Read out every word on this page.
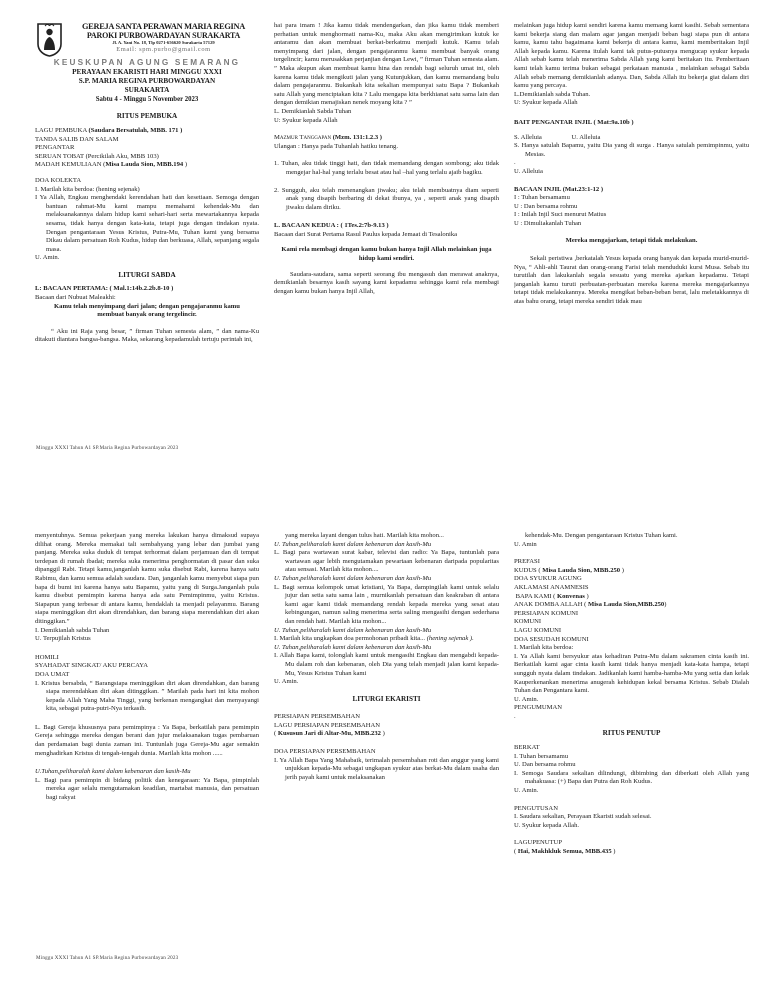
GEREJA SANTA PERAWAN MARIA REGINA
PAROKI PURBOWARDAYAN SURAKARTA
Jl. A. Yani No. 18, Tlp 0271-656620 Surakarta 57129
Email: spm.purbo@gmail.com
KEUSKUPAN AGUNG SEMARANG
PERAYAAN EKARISTI HARI MINGGU XXXI
S.P. MARIA REGINA PURBOWARDAYAN
SURAKARTA
Sabtu 4 - Minggu 5 November 2023
RITUS PEMBUKA
LAGU PEMBUKA (Saudara Bersatulah, MBB. 171 )
TANDA SALIB DAN SALAM
PENGANTAR
SERUAN TOBAT (Percikilah Aku, MBB 103)
MADAH KEMULIAAN (Misa Lauda Sion, MBB.194 )
DOA KOLEKTA
I. Marilah kita berdoa: (hening sejenak)
I Ya Allah, Engkau menghendaki kerendahan hati dan kesetiaan. Semoga dengan bantuan rahmat-Mu kami mampu memahami kehendak-Mu dan melaksanakannya dalam hidup kami sehari-hari serta mewartakannya kepada sesama, tidak hanya dengan kata-kata, tetapi juga dengan tindakan nyata. Dengan pengantaraan Yesus Kristus, Putra-Mu, Tuhan kami yang bersama Dikau dalam persatuan Roh Kudus, hidup dan berkuasa, Allah, sepanjang segala masa.
U. Amin.
LITURGI SABDA
L: BACAAN PERTAMA: ( Mal.1:14b.2.2b.8-10 )
Bacaan dari Nubuat Maleakhi:
Kamu telah menyimpang dari jalan; dengan pengajaranmu kamu membuat banyak orang tergelincir.
“ Aku ini Raja yang besar, ” firman Tuhan semesta alam, ” dan nama-Ku ditakuti diantara bangsa-bangsa. Maka, sekarang kepadamulah tertuju perintah ini,
hai para imam ! Jika kamu tidak mendengarkan, dan jika kamu tidak memberi perhatian untuk menghormati nama-Ku, maka Aku akan mengirimkan kutuk ke antaramu dan akan membuat berkat-berkatmu menjadi kutuk. Kamu telah menyimpang dari jalan, dengan pengajaranmu kamu membuat banyak orang tergelincir; kamu merusakkan perjanjian dengan Lewi, ” firman Tuhan semesta alam. ” Maka akupun akan membuat kamu hina dan rendah bagi seluruh umat ini, oleh karena kamu tidak mengikuti jalan yang Kutunjukkan, dan kamu memandang bulu dalam pengajaranmu. Bukankah kita sekalian mempunyai satu Bapa ? Bukankah satu Allah yang menciptakan kita ? Lalu mengapa kita berkhianat satu sama lain dan dengan demikian menajiskan nenek moyang kita ? ”
L. Demikianlah Sabda Tuhan
U: Syukur kepada Allah
Mazmur Tanggapan (Mzm. 131:1.2.3 )
Ulangan : Hanya pada Tuhanlah hatiku tenang.
1. Tuhan, aku tidak tinggi hati, dan tidak memandang dengan sombong; aku tidak mengejar hal-hal yang terlalu besat atau hal –hal yang terlalu ajaib bagiku.
2. Sungguh, aku telah menenangkan jiwaku; aku telah membuatnya diam seperti anak yang disapih berbaring di dekat ibunya, ya , seperti anak yang disapih jiwaku dalam diriku.
L. BACAAN KEDUA : ( 1Tes.2:7b-9.13 )
Bacaan dari Surat Pertama Rasul Paulus kepada Jemaat di Tesalonika
Kami rela membagi dengan kamu bukan hanya Injil Allah melainkan juga hidup kami sendiri.
Saudara-saudara, sama seperti seorang ibu mengasuh dan merawat anaknya, demikianlah besarnya kasih sayang kami kepadamu sehingga kami rela membagi dengan kamu bukan hanya Injil Allah,
melainkan juga hidup kami sendiri karena kamu memang kami kasihi. Sebab sementara kami bekerja siang dan malam agar jangan menjadi beban bagi siapa pun di antara kamu, kamu tahu bagaimana kami bekerja di antara kamu, kami memberitakan Injil Allah kepada kamu. Karena itulah kami tak putus-putusnya mengucap syukur kepada Allah sebab kamu telah menerima Sabda Allah yang kami beritakan itu. Pemberitaan kami telah kamu terima bukan sebagai perkataan manusia , melainkan sebagai Sabda Allah sebab memang demikianlah adanya. Dan, Sabda Allah itu bekerja giat dalam diri kamu yang percaya.
L.Demikianlah sabda Tuhan.
U: Syukur kepada Allah
BAIT PENGANTAR INJIL ( Mat:9a.10b )
S. Alleluia                  U. Alleluia
S. Hanya satulah Bapamu, yaitu Dia yang di surga . Hanya satulah pemimpinmu, yaitu Mesias.
.
U. Alleluia
BACAAN INJIL (Mat.23:1-12 )
I : Tuhan bersamamu
U : Dan bersama rohmu
I : Inilah Injil Suci menurut Matius
U : Dimuliakanlah Tuhan
Mereka mengajarkan, tetapi tidak melakukan.
Sekali peristiwa ,berkatalah Yesus kepada orang banyak dan kepada murid-murid-Nya, “ Ahli-ahli Taurat dan orang-orang Farisi telah menduduki kursi Musa. Sebab itu turutilah dan lakukanlah segala sesuatu yang mereka ajarkan kepadamu. Tetapi janganlah kamu turuti perbuatan-perbuatan mereka karena mereka mengajarkannya tetapi tidak melakukannya. Mereka mengikat beban-beban berat, lalu meletakkannya di atas bahu orang, tetapi mereka sendiri tidak mau
Minggu XXXI Tahun A1 SP.Maria Regina Purbowardayan 2023
menyentuhnya. Semua pekerjaan yang mereka lakukan hanya dimaksud supaya dilihat orang. Mereka memakai tali sembahyang yang lebar dan jumbai yang panjang. Mereka suka duduk di tempat terhormat dalam perjamuan dan di tempat terdepan di rumah ibadat; mereka suka menerima penghormatan di pasar dan suka dipanggil Rabi. Tetapi kamu,janganlah kamu suka disebut Rabi, karena hanya satu Rabimu, dan kamu semua adalah saudara. Dan, janganlah kamu menyebut siapa pun bapa di bumi ini karena hanya satu Bapamu, yaitu yang di Surga.Janganlah pula kamu disebut pemimpin karena hanya ada satu Pemimpinmu, yaitu Kristus. Siapapun yang terbesar di antara kamu, hendaklah ia menjadi pelayanmu. Barang siapa meninggikan diri akan direndahkan, dan barang siapa merendahkan diri akan ditinggikan.”
I. Demikianlah sabda Tuhan
U. Terpujilah Kristus
HOMILI
SYAHADAT SINGKAT/ AKU PERCAYA
DOA UMAT
I. Kristus bersabda, “ Barangsiapa meninggikan diri akan direndahkan, dan barang siapa merendahkan diri akan ditinggikan. ” Marilah pada hari ini kita mohon kepada Allah Yang Maha Tinggi, yang berkenan mengangkat dan menyayangi kita, sebagai putra-putri-Nya terkasih.
L. Bagi Gereja khususnya para pemimpinya : Ya Bapa, berkatilah para pemimpin Gereja sehingga mereka dengan berani dan jujur melaksanakan tugas pembaruan dan perdamaian bagi dunia zaman ini. Tuntunlah juga Gereja-Mu agar semakin menghadirkan Kristus di tengah-tengah dunia. Marilah kita mohon ......
U.Tuhan,peliharalah kami dalam kebenaran dan kasih-Mu
L. Bagi para pemimpin di bidang politik dan kenegaraan: Ya Bapa, pimpinlah mereka agar selalu mengutamakan keadilan, martabat manusia, dan persatuan bagi rakyat
yang mereka layani dengan tulus hati. Marilah kita mohon...
U. Tuhan,peliharalah kami dalam kebenaran dan kasih-Mu
L. Bagi para wartawan surat kabar, televisi dan radio: Ya Bapa, tuntunlah para wartawan agar lebih mengutamakan pewartaan kebenaran daripada popularitas atau sensasi. Marilah kita mohon....
U. Tuhan,peliharalah kami dalam kebenaran dan kasih-Mu
L. Bagi semua kelompok umat kristiani, Ya Bapa, dampingilah kami untuk selalu jujur dan setia satu sama lain , murnikanlah persatuan dan keakraban di antara kami agar kami tidak memandang rendah kepada mereka yang sesat atau kebingungan, namun saling menerima serta saling mengasihi dengan sederhana dan rendah hati. Marilah kita mohon...
U. Tuhan,peliharalah kami dalam kebenaran dan kasih-Mu
I. Marilah kita ungkapkan doa permohonan pribadi kita... (hening sejenak ).
U. Tuhan,peliharalah kami dalam kebenaran dan kasih-Mu
I. Allah Bapa kami, tolonglah kami untuk mengasihi Engkau dan mengabdi kepada-Mu dalam roh dan kebenaran, oleh Dia yang telah menjadi jalan kami kepada-Mu, Yesus Kristus Tuhan kami
U. Amin.
LITURGI EKARISTI
PERSIAPAN PERSEMBAHAN
LAGU PERSIAPAN PERSEMBAHAN
( Kususun Jari di Altar-Mu, MBB.232 )
DOA PERSIAPAN PERSEMBAHAN
I. Ya Allah Bapa Yang Mahabaik, terimalah persembahan roti dan anggur yang kami unjukkan kepada-Mu sebagai ungkapan syukur atas berkat-Mu dalam usaha dan jerih payah kami untuk melaksanakan
kehendak-Mu. Dengan pengantaraan Kristus Tuhan kami.
U. Amin
PREFASI
KUDUS ( Misa Lauda Sion, MBB.250 )
DOA SYUKUR AGUNG
AKLAMASI ANAMNESIS
BAPA KAMI ( Konvenas )
ANAK DOMBA ALLAH ( Misa Lauda Sion,MBB.250)
PERSIAPAN KOMUNI
KOMUNI
LAGU KOMUNI
DOA SESUDAH KOMUNI
I. Marilah kita berdoa:
I. Ya Allah kami bersyukur atas kehadiran Putra-Mu dalam sakramen cinta kasih ini. Berkatilah kami agar cinta kasih kami tidak hanya menjadi kata-kata hampa, tetapi sungguh nyata dalam tindakan. Jadikanlah kami hamba-hamba-Mu yang setia dan kelak Kauperkenankan menerima anugerah kehidupan kekal bersama Kristus. Sebab Dialah Tuhan dan Pengantara kami.
U. Amin.
PENGUMUMAN
.
RITUS PENUTUP
BERKAT
I. Tuhan bersamamu
U. Dan bersama rohmu
I. Semoga Saudara sekalian dilindungi, dibimbing dan diberkati oleh Allah yang mahakuasa: (+) Bapa dan Putra dan Roh Kudus.
U. Amin.
PENGUTUSAN
I. Saudara sekalian, Perayaan Ekaristi sudah selesai.
U. Syukur kepada Allah.
LAGUPENUTUP
( Hai, Makhkluk Semua, MBB.435 )
Minggu XXXI Tahun A1 SP.Maria Regina Purbowardayan 2023
